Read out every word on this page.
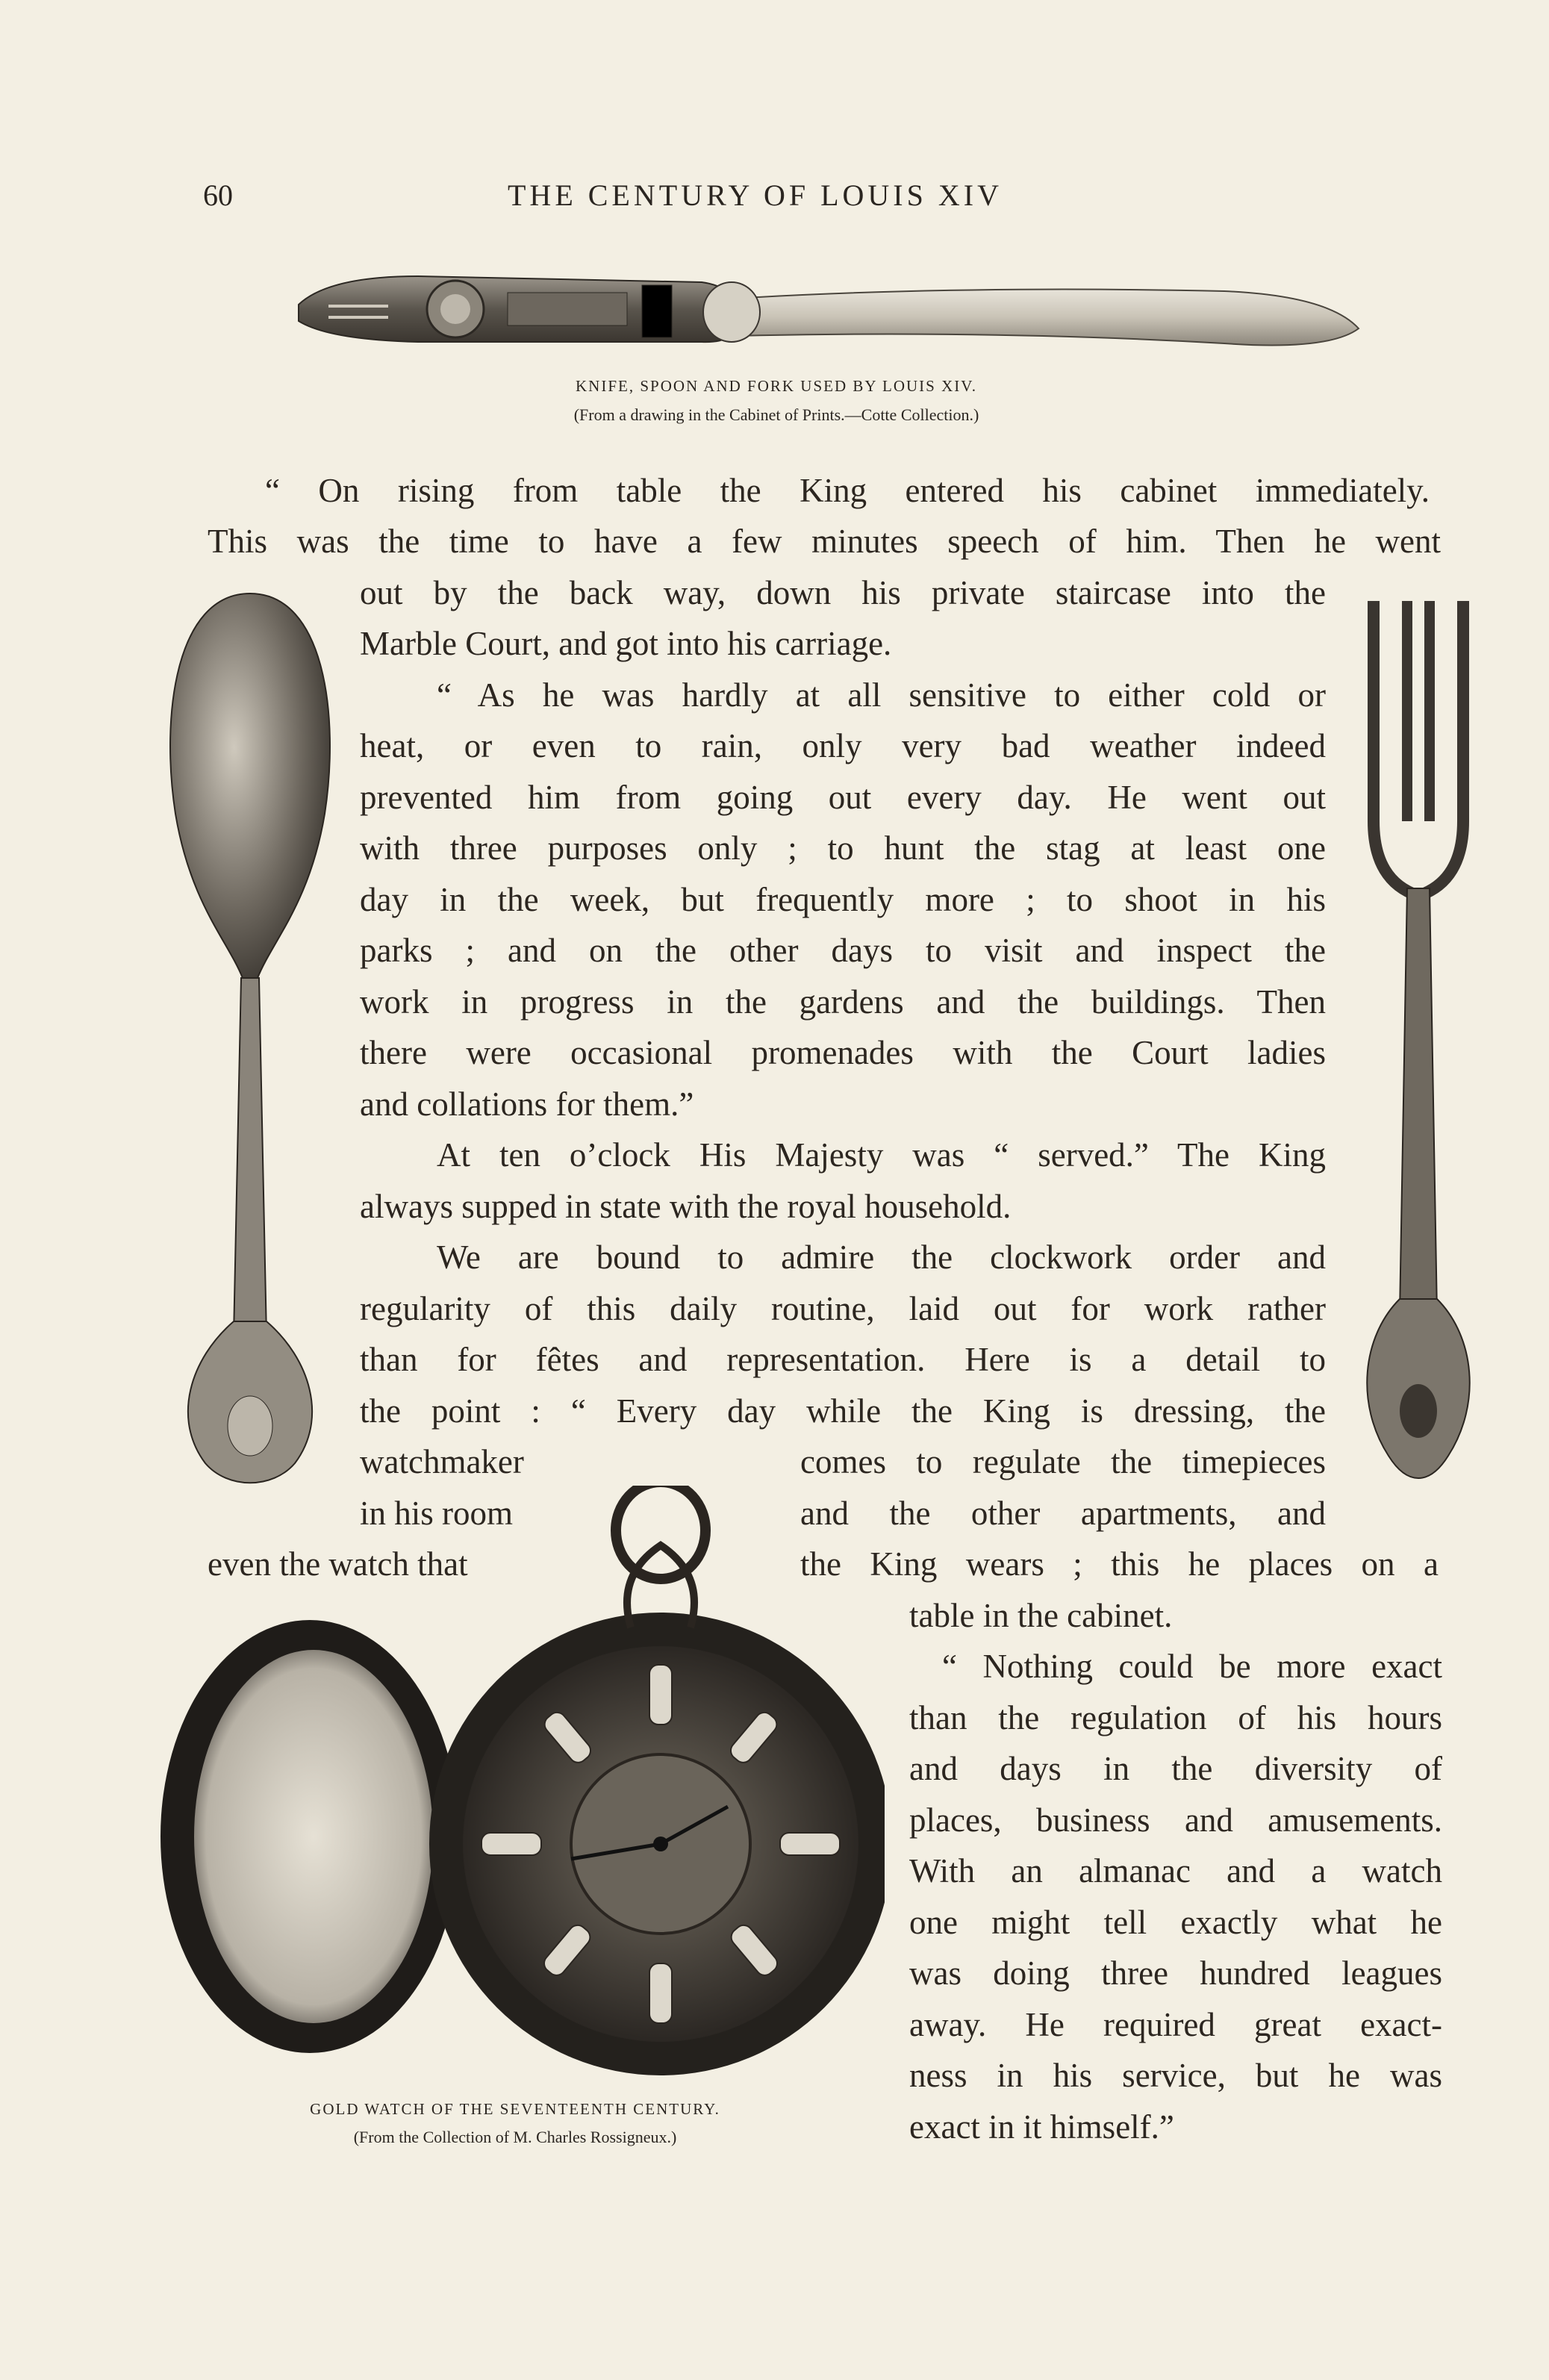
60	THE CENTURY OF LOUIS XIV
KNIFE, SPOON AND FORK USED BY LOUIS XIV.
(From a drawing in the Cabinet of Prints.—Cotte Collection.)
GOLD WATCH OF THE SEVENTEENTH CENTURY.
(From the Collection of M. Charles Rossigneux.)
“ On rising from table the King entered his cabinet immediately.
This was the time to have a few minutes speech of him. Then he went
out by the back way, down his private staircase into the
Marble Court, and got into his carriage.
“ As he was hardly at all sensitive to either cold or
heat, or even to rain, only very bad weather indeed
prevented him from going out every day. He went out
with three purposes only ; to hunt the stag at least one
day in the week, but frequently more ; to shoot in his
parks ; and on the other days to visit and inspect the
work in progress in the gardens and the buildings. Then
there were occasional promenades with the Court ladies
and collations for them.”
At ten o’clock His Majesty was “ served.” The King
always supped in state with the royal household.
We are bound to admire the clockwork order and
regularity of this daily routine, laid out for work rather
than for fêtes and representation. Here is a detail to
the point : “ Every day while the King is dressing, the
watchmaker	comes to regulate the timepieces
in his room	and the other apartments, and
even the watch that	the King wears ; this he places on a
table in the cabinet.
“ Nothing could be more exact
than the regulation of his hours
and days in the diversity of
places, business and amusements.
With an almanac and a watch
one might tell exactly what he
was doing three hundred leagues
away. He required great exact-
ness in his service, but he was
exact in it himself.”
